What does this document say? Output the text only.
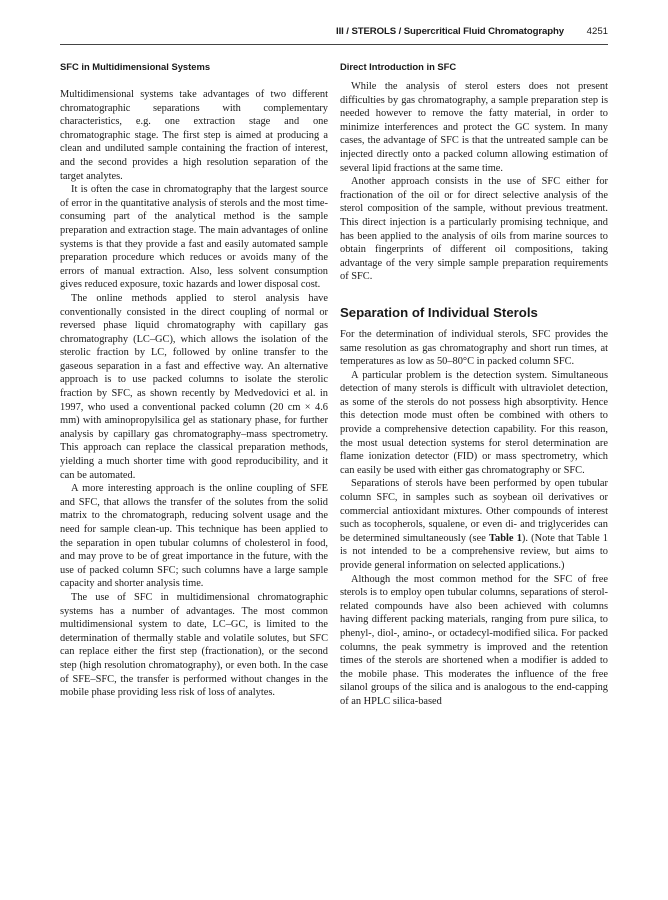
III / STEROLS / Supercritical Fluid Chromatography 4251
SFC in Multidimensional Systems

Multidimensional systems take advantages of two different chromatographic separations with complementary characteristics, e.g. one extraction stage and one chromatographic stage. The first step is aimed at producing a clean and undiluted sample containing the fraction of interest, and the second provides a high resolution separation of the target analytes.

It is often the case in chromatography that the largest source of error in the quantitative analysis of sterols and the most time-consuming part of the analytical method is the sample preparation and extraction stage. The main advantages of online systems is that they provide a fast and easily automated sample preparation procedure which reduces or avoids many of the errors of manual extraction. Also, less solvent consumption gives reduced exposure, toxic hazards and lower disposal cost.

The online methods applied to sterol analysis have conventionally consisted in the direct coupling of normal or reversed phase liquid chromatography with capillary gas chromatography (LC–GC), which allows the isolation of the sterolic fraction by LC, followed by online transfer to the gaseous separation in a fast and effective way. An alternative approach is to use packed columns to isolate the sterolic fraction by SFC, as shown recently by Medvedovici et al. in 1997, who used a conventional packed column (20 cm × 4.6 mm) with aminopropylsilica gel as stationary phase, for further analysis by capillary gas chromatography–mass spectrometry. This approach can replace the classical preparation methods, yielding a much shorter time with good reproducibility, and it can be automated.

A more interesting approach is the online coupling of SFE and SFC, that allows the transfer of the solutes from the solid matrix to the chromatograph, reducing solvent usage and the need for sample clean-up. This technique has been applied to the separation in open tubular columns of cholesterol in food, and may prove to be of great importance in the future, with the use of packed column SFC; such columns have a large sample capacity and shorter analysis time.

The use of SFC in multidimensional chromatographic systems has a number of advantages. The most common multidimensional system to date, LC–GC, is limited to the determination of thermally stable and volatile solutes, but SFC can replace either the first step (fractionation), or the second step (high resolution chromatography), or even both. In the case of SFE–SFC, the transfer is performed without changes in the mobile phase providing less risk of loss of analytes.

Direct Introduction in SFC

While the analysis of sterol esters does not present difficulties by gas chromatography, a sample preparation step is needed however to remove the fatty material, in order to minimize interferences and protect the GC system. In many cases, the advantage of SFC is that the untreated sample can be injected directly onto a packed column allowing estimation of several lipid fractions at the same time.

Another approach consists in the use of SFC either for fractionation of the oil or for direct selective analysis of the sterol composition of the sample, without previous treatment. This direct injection is a particularly promising technique, and has been applied to the analysis of oils from marine sources to obtain fingerprints of different oil compositions, taking advantage of the very simple sample preparation requirements of SFC.

Separation of Individual Sterols

For the determination of individual sterols, SFC provides the same resolution as gas chromatography and short run times, at temperatures as low as 50–80°C in packed column SFC.

A particular problem is the detection system. Simultaneous detection of many sterols is difficult with ultraviolet detection, as some of the sterols do not possess high absorptivity. Hence this detection mode must often be combined with others to provide a comprehensive detection capability. For this reason, the most usual detection systems for sterol determination are flame ionization detector (FID) or mass spectrometry, which can easily be used with either gas chromatography or SFC.

Separations of sterols have been performed by open tubular column SFC, in samples such as soybean oil derivatives or commercial antioxidant mixtures. Other compounds of interest such as tocopherols, squalene, or even di- and triglycerides can be determined simultaneously (see Table 1). (Note that Table 1 is not intended to be a comprehensive review, but aims to provide general information on selected applications.)

Although the most common method for the SFC of free sterols is to employ open tubular columns, separations of sterol-related compounds have also been achieved with columns having different packing materials, ranging from pure silica, to phenyl-, diol-, amino-, or octadecyl-modified silica. For packed columns, the peak symmetry is improved and the retention times of the sterols are shortened when a modifier is added to the mobile phase. This moderates the influence of the free silanol groups of the silica and is analogous to the end-capping of an HPLC silica-based
